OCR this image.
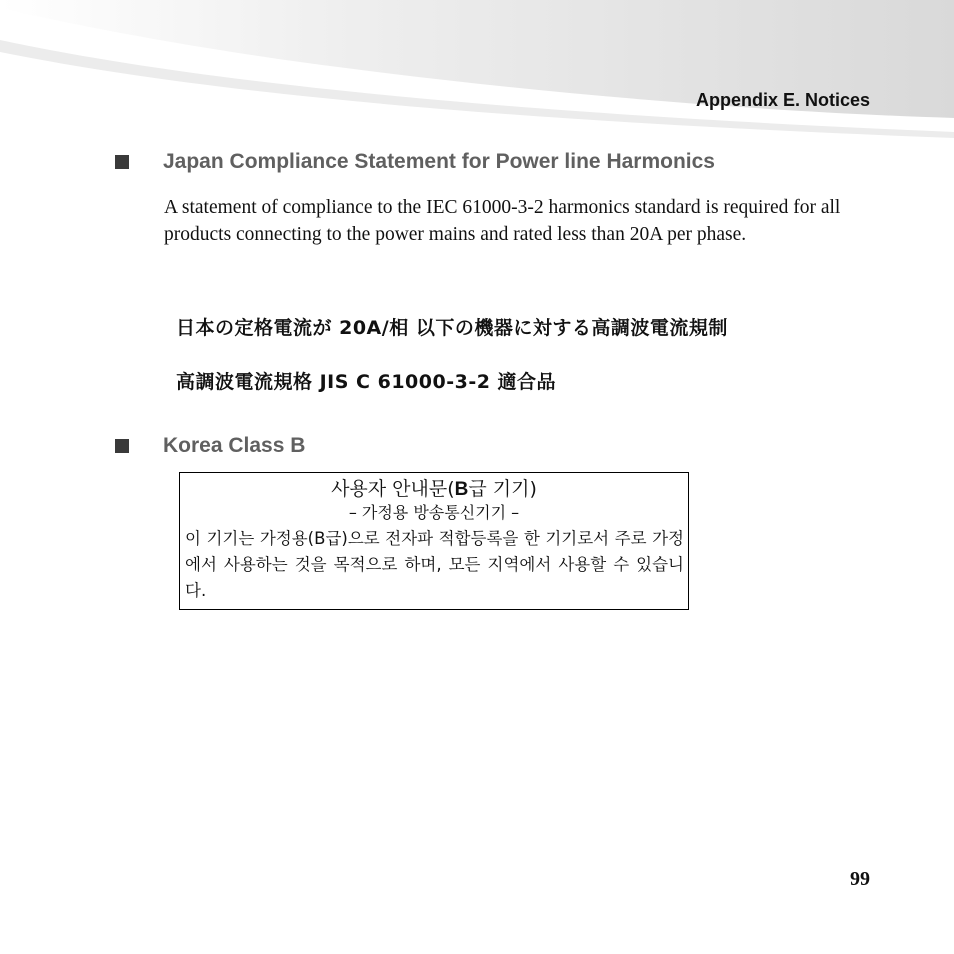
Appendix E. Notices
Japan Compliance Statement for Power line Harmonics
A statement of compliance to the IEC 61000-3-2 harmonics standard is required for all products connecting to the power mains and rated less than 20A per phase.
日本の定格電流が 20A/相 以下の機器に対する高調波電流規制
高調波電流規格 JIS C 61000-3-2 適合品
Korea Class B
사용자 안내문(B급 기기)
– 가정용 방송통신기기 –
이 기기는 가정용(B급)으로 전자파 적합등록을 한 기기로서 주로 가정에서 사용하는 것을 목적으로 하며, 모든 지역에서 사용할 수 있습니다.
99
